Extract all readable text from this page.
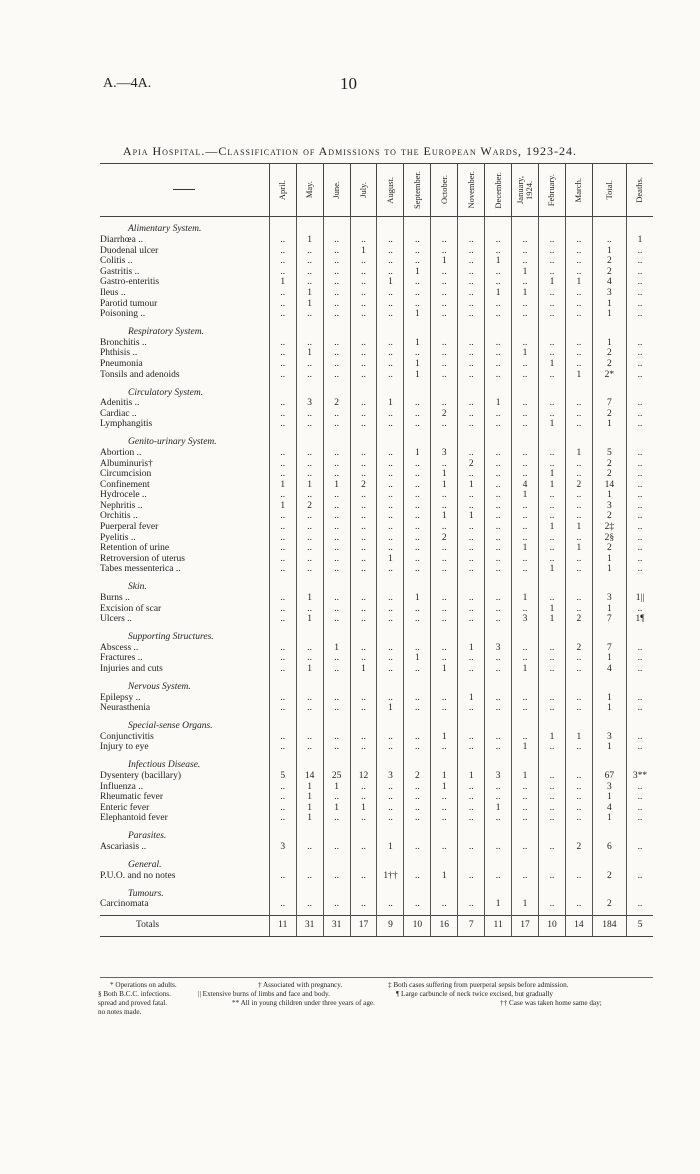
A.—4A.	10
Apia Hospital.—Classification of Admissions to the European Wards, 1923-24.

	April.	May.	June.	July.	August.	September.	October.	November.	December.	January,
1924.	February.	March.	Total.	Deaths.

Alimentary System.														
Diarrhœa ..	..	1	..	..	..	..	..	..	..	..	..	..	..	1
Duodenal ulcer	..	..	..	1	..	..	..	..	..	..	..	..	1	..
Colitis ..	..	..	..	..	..	..	1	..	1	..	..	..	2	..
Gastritis ..	..	..	..	..	..	1	..	..	..	1	..	..	2	..
Gastro-enteritis	1	..	..	..	1	..	..	..	..	..	1	1	4	..
Ileus ..	..	1	..	..	..	..	..	..	1	1	..	..	3	..
Parotid tumour	..	1	..	..	..	..	..	..	..	..	..	..	1	..
Poisoning ..	..	..	..	..	..	1	..	..	..	..	..	..	1	..
Respiratory System.														
Bronchitis ..	..	..	..	..	..	1	..	..	..	..	..	..	1	..
Phthisis ..	..	1	..	..	..	..	..	..	..	1	..	..	2	..
Pneumonia	..	..	..	..	..	1	..	..	..	..	1	..	2	..
Tonsils and adenoids	..	..	..	..	..	1	..	..	..	..	..	1	2*	..
Circulatory System.														
Adenitis ..	..	3	2	..	1	..	..	..	1	..	..	..	7	..
Cardiac ..	..	..	..	..	..	..	2	..	..	..	..	..	2	..
Lymphangitis	..	..	..	..	..	..	..	..	..	..	1	..	1	..
Genito-urinary System.														
Abortion ..	..	..	..	..	..	1	3	..	..	..	..	1	5	..
Albuminuris†	..	..	..	..	..	..	..	2	..	..	..	..	2	..
Circumcision	..	..	..	..	..	..	1	..	..	..	1	..	2	..
Confinement	1	1	1	2	..	..	1	1	..	4	1	2	14	..
Hydrocele ..	..	..	..	..	..	..	..	..	..	1	..	..	1	..
Nephritis ..	1	2	..	..	..	..	..	..	..	..	..	..	3	..
Orchitis ..	..	..	..	..	..	..	1	1	..	..	..	..	2	..
Puerperal fever	..	..	..	..	..	..	..	..	..	..	1	1	2‡	..
Pyelitis ..	..	..	..	..	..	..	2	..	..	..	..	..	2§	..
Retention of urine	..	..	..	..	..	..	..	..	..	1	..	1	2	..
Retroversion of uterus	..	..	..	..	1	..	..	..	..	..	..	..	1	..
Tabes messenterica ..	..	..	..	..	..	..	..	..	..	..	1	..	1	..
Skin.														
Burns ..	..	1	..	..	..	1	..	..	..	1	..	..	3	1||
Excision of scar	..	..	..	..	..	..	..	..	..	..	1	..	1	..
Ulcers ..	..	1	..	..	..	..	..	..	..	3	1	2	7	1¶
Supporting Structures.														
Abscess ..	..	..	1	..	..	..	..	1	3	..	..	2	7	..
Fractures ..	..	..	..	..	..	1	..	..	..	..	..	..	1	..
Injuries and cuts	..	1	..	1	..	..	1	..	..	1	..	..	4	..
Nervous System.														
Epilepsy ..	..	..	..	..	..	..	..	1	..	..	..	..	1	..
Neurasthenia	..	..	..	..	1	..	..	..	..	..	..	..	1	..
Special-sense Organs.														
Conjunctivitis	..	..	..	..	..	..	1	..	..	..	1	1	3	..
Injury to eye	..	..	..	..	..	..	..	..	..	1	..	..	1	..
Infectious Disease.														
Dysentery (bacillary)	5	14	25	12	3	2	1	1	3	1	..	..	67	3**
Influenza ..	..	1	1	..	..	..	1	..	..	..	..	..	3	..
Rheumatic fever	..	1	..	..	..	..	..	..	..	..	..	..	1	..
Enteric fever	..	1	1	1	..	..	..	..	1	..	..	..	4	..
Elephantoid fever	..	1	..	..	..	..	..	..	..	..	..	..	1	..
Parasites.														
Ascariasis ..	3	..	..	..	1	..	..	..	..	..	..	2	6	..
General.														
P.U.O. and no notes	..	..	..	..	1††	..	1	..	..	..	..	..	2	..
Tumours.														
Carcinomata	..	..	..	..	..	..	..	..	1	1	..	..	2	..

Totals	11	31	31	17	9	10	16	7	11	17	10	14	184	5
* Operations on adults.	† Associated with pregnancy.	‡ Both cases suffering from puerperal sepsis before admission.
§ Both B.C.C. infections.	|| Extensive burns of limbs and face and body.	¶ Large carbuncle of neck twice excised, but gradually
spread and proved fatal.	** All in young children under three years of age.	†† Case was taken home same day;
no notes made.
